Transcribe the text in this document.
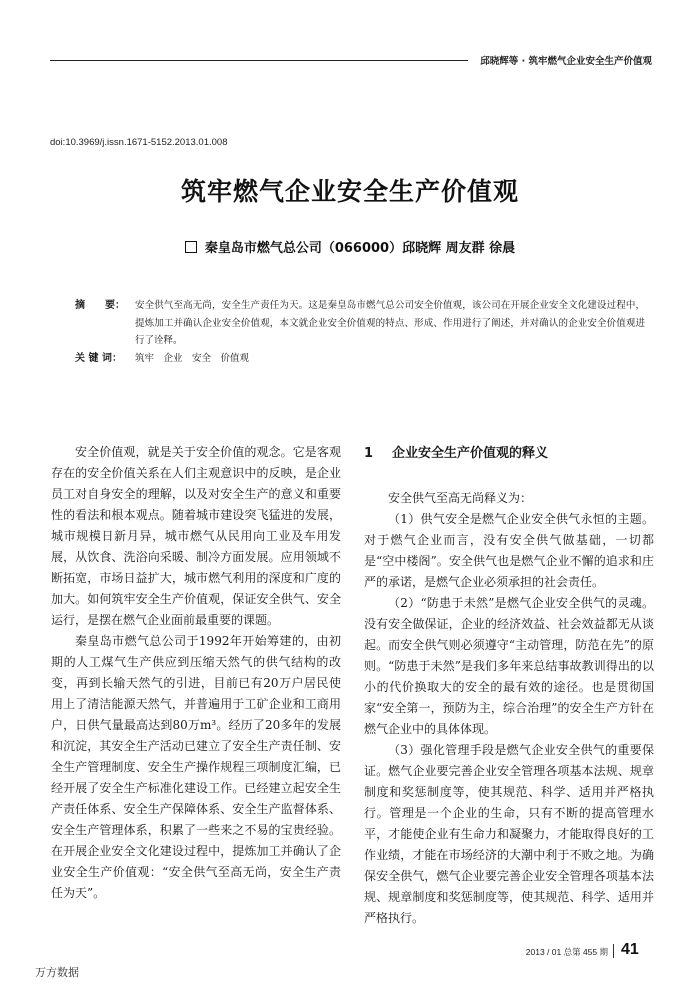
邱晓辉等 · 筑牢燃气企业安全生产价值观
doi:10.3969/j.issn.1671-5152.2013.01.008
筑牢燃气企业安全生产价值观
秦皇岛市燃气总公司（066000）邱晓辉 周友群 徐晨
摘　　要：	安全供气至高无尚，安全生产责任为天。这是秦皇岛市燃气总公司安全价值观，该公司在开展企业安全文化建设过程中，提炼加工并确认企业安全价值观，本文就企业安全价值观的特点、形成、作用进行了阐述，并对确认的企业安全价值观进行了诠释。
关 键 词：	筑牢　企业　安全　价值观

安全价值观，就是关于安全价值的观念。它是客观存在的安全价值关系在人们主观意识中的反映，是企业员工对自身安全的理解，以及对安全生产的意义和重要性的看法和根本观点。随着城市建设突飞猛进的发展，城市规模日新月异，城市燃气从民用向工业及车用发展，从饮食、洗浴向采暖、制冷方面发展。应用领域不断拓宽，市场日益扩大，城市燃气利用的深度和广度的加大。如何筑牢安全生产价值观，保证安全供气、安全运行，是摆在燃气企业面前最重要的课题。

秦皇岛市燃气总公司于1992年开始筹建的，由初期的人工煤气生产供应到压缩天然气的供气结构的改变，再到长输天然气的引进，目前已有20万户居民使用上了清洁能源天然气，并普遍用于工矿企业和工商用户，日供气量最高达到80万m³。经历了20多年的发展和沉淀，其安全生产活动已建立了安全生产责任制、安全生产管理制度、安全生产操作规程三项制度汇编，已经开展了安全生产标准化建设工作。已经建立起安全生产责任体系、安全生产保障体系、安全生产监督体系、安全生产管理体系，积累了一些来之不易的宝贵经验。在开展企业安全文化建设过程中，提炼加工并确认了企业安全生产价值观：“安全供气至高无尚，安全生产责任为天”。

1 企业安全生产价值观的释义

安全供气至高无尚释义为：

（1）供气安全是燃气企业安全供气永恒的主题。对于燃气企业而言，没有安全供气做基础，一切都是“空中楼阁”。安全供气也是燃气企业不懈的追求和庄严的承诺，是燃气企业必须承担的社会责任。

（2）“防患于未然”是燃气企业安全供气的灵魂。没有安全做保证，企业的经济效益、社会效益都无从谈起。而安全供气则必须遵守“主动管理，防范在先”的原则。“防患于未然”是我们多年来总结事故教训得出的以小的代价换取大的安全的最有效的途径。也是贯彻国家“安全第一，预防为主，综合治理”的安全生产方针在燃气企业中的具体体现。

（3）强化管理手段是燃气企业安全供气的重要保证。燃气企业要完善企业安全管理各项基本法规、规章制度和奖惩制度等，使其规范、科学、适用并严格执行。管理是一个企业的生命，只有不断的提高管理水平，才能使企业有生命力和凝聚力，才能取得良好的工作业绩，才能在市场经济的大潮中利于不败之地。为确保安全供气，燃气企业要完善企业安全管理各项基本法规、规章制度和奖惩制度等，使其规范、科学、适用并严格执行。

2013 / 01 总第 455 期 41
万方数据
